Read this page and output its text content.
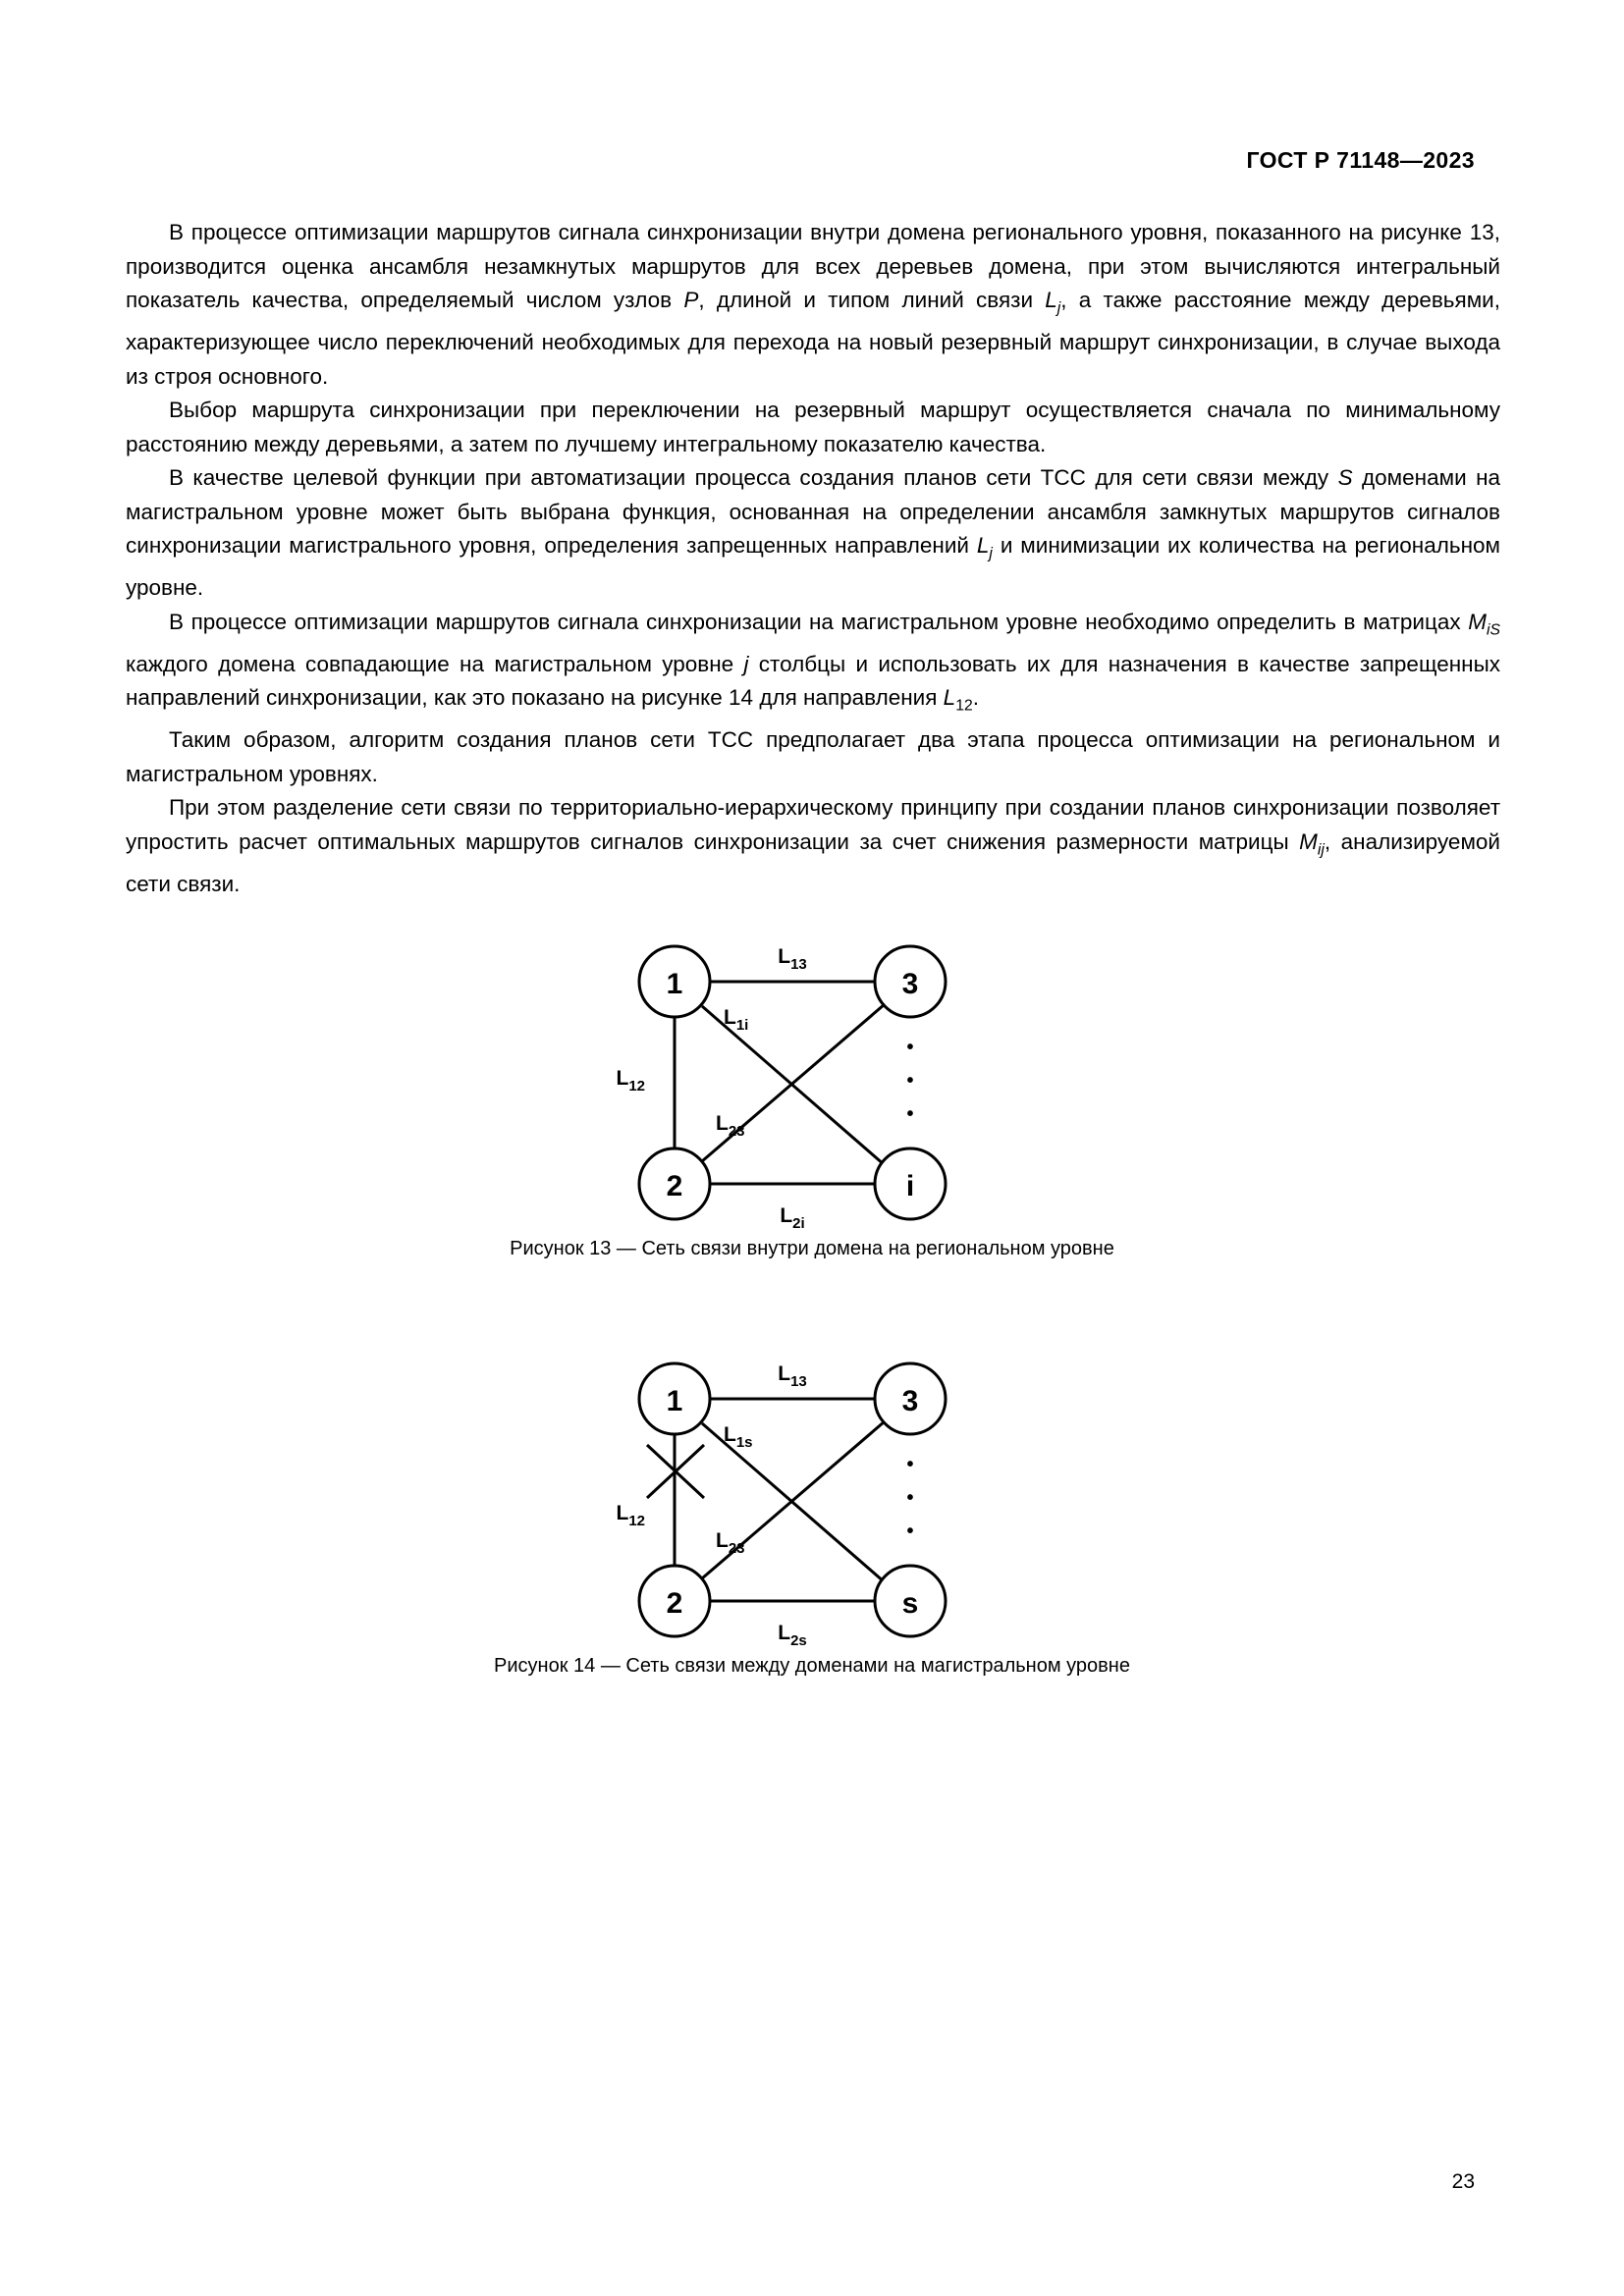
ГОСТ Р 71148—2023

В процессе оптимизации маршрутов сигнала синхронизации внутри домена регионального уровня, показанного на рисунке 13, производится оценка ансамбля незамкнутых маршрутов для всех деревьев домена, при этом вычисляются интегральный показатель качества, определяемый числом узлов P, длиной и типом линий связи $L_j$, а также расстояние между деревьями, характеризующее число переключений необходимых для перехода на новый резервный маршрут синхронизации, в случае выхода из строя основного.

Выбор маршрута синхронизации при переключении на резервный маршрут осуществляется сначала по минимальному расстоянию между деревьями, а затем по лучшему интегральному показателю качества.

В качестве целевой функции при автоматизации процесса создания планов сети ТСС для сети связи между S доменами на магистральном уровне может быть выбрана функция, основанная на определении ансамбля замкнутых маршрутов сигналов синхронизации магистрального уровня, определения запрещенных направлений $L_j$ и минимизации их количества на региональном уровне.

В процессе оптимизации маршрутов сигнала синхронизации на магистральном уровне необходимо определить в матрицах $M_{iS}$ каждого домена совпадающие на магистральном уровне j столбцы и использовать их для назначения в качестве запрещенных направлений синхронизации, как это показано на рисунке 14 для направления $L_{12}$.

Таким образом, алгоритм создания планов сети ТСС предполагает два этапа процесса оптимизации на региональном и магистральном уровнях.

При этом разделение сети связи по территориально-иерархическому принципу при создании планов синхронизации позволяет упростить расчет оптимальных маршрутов сигналов синхронизации за счет снижения размерности матрицы $M_{ij}$, анализируемой сети связи.

1	3
2	i
•
•
•
$L_{13}$
$L_{1i}$
$L_{12}$
$L_{23}$
$L_{2i}$
Рисунок 13 — Сеть связи внутри домена на региональном уровне
1	3
2	s
•
•
•
$L_{13}$
$L_{1s}$
$L_{12}$
$L_{23}$
$L_{2s}$
Рисунок 14 — Сеть связи между доменами на магистральном уровне
23
